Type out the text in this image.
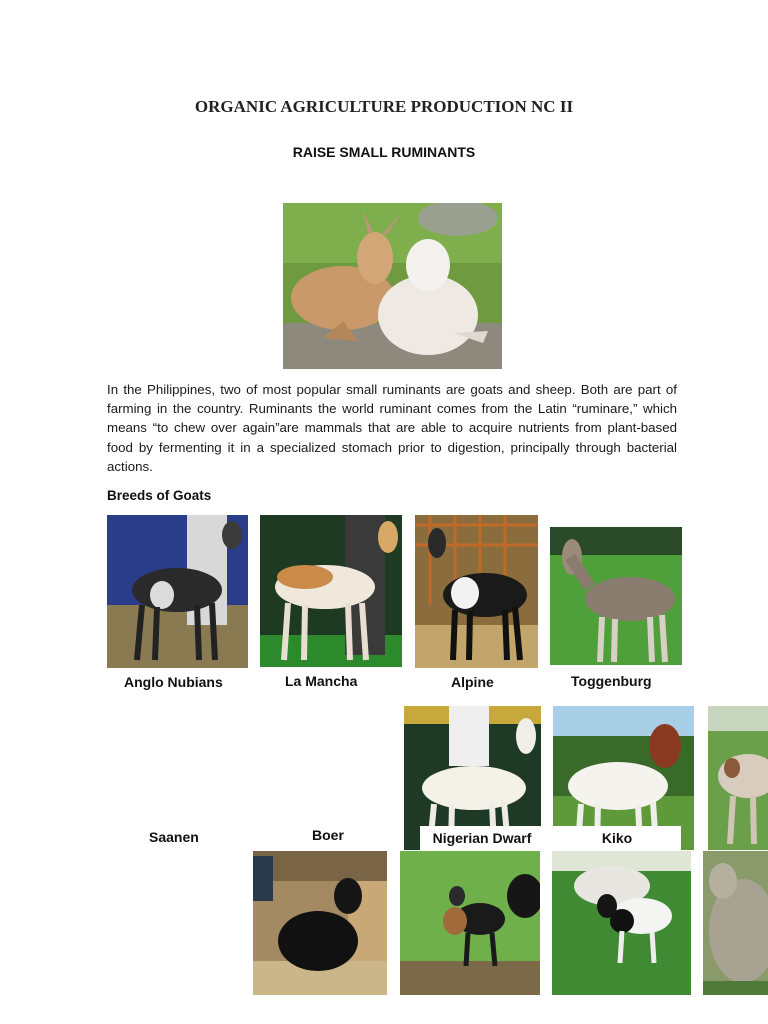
ORGANIC AGRICULTURE PRODUCTION NC II
RAISE SMALL RUMINANTS
In the Philippines, two of most popular small ruminants are goats and sheep. Both are part of farming in the country. Ruminants the world ruminant comes from the Latin “ruminare,” which means “to chew over again”are mammals that are able to acquire nutrients from plant-based food by fermenting it in a specialized stomach prior to digestion, principally through bacterial actions.
Breeds of Goats
Anglo Nubians	La Mancha	Alpine	Toggenburg
Saanen	Boer	Nigerian Dwarf	Kiko
